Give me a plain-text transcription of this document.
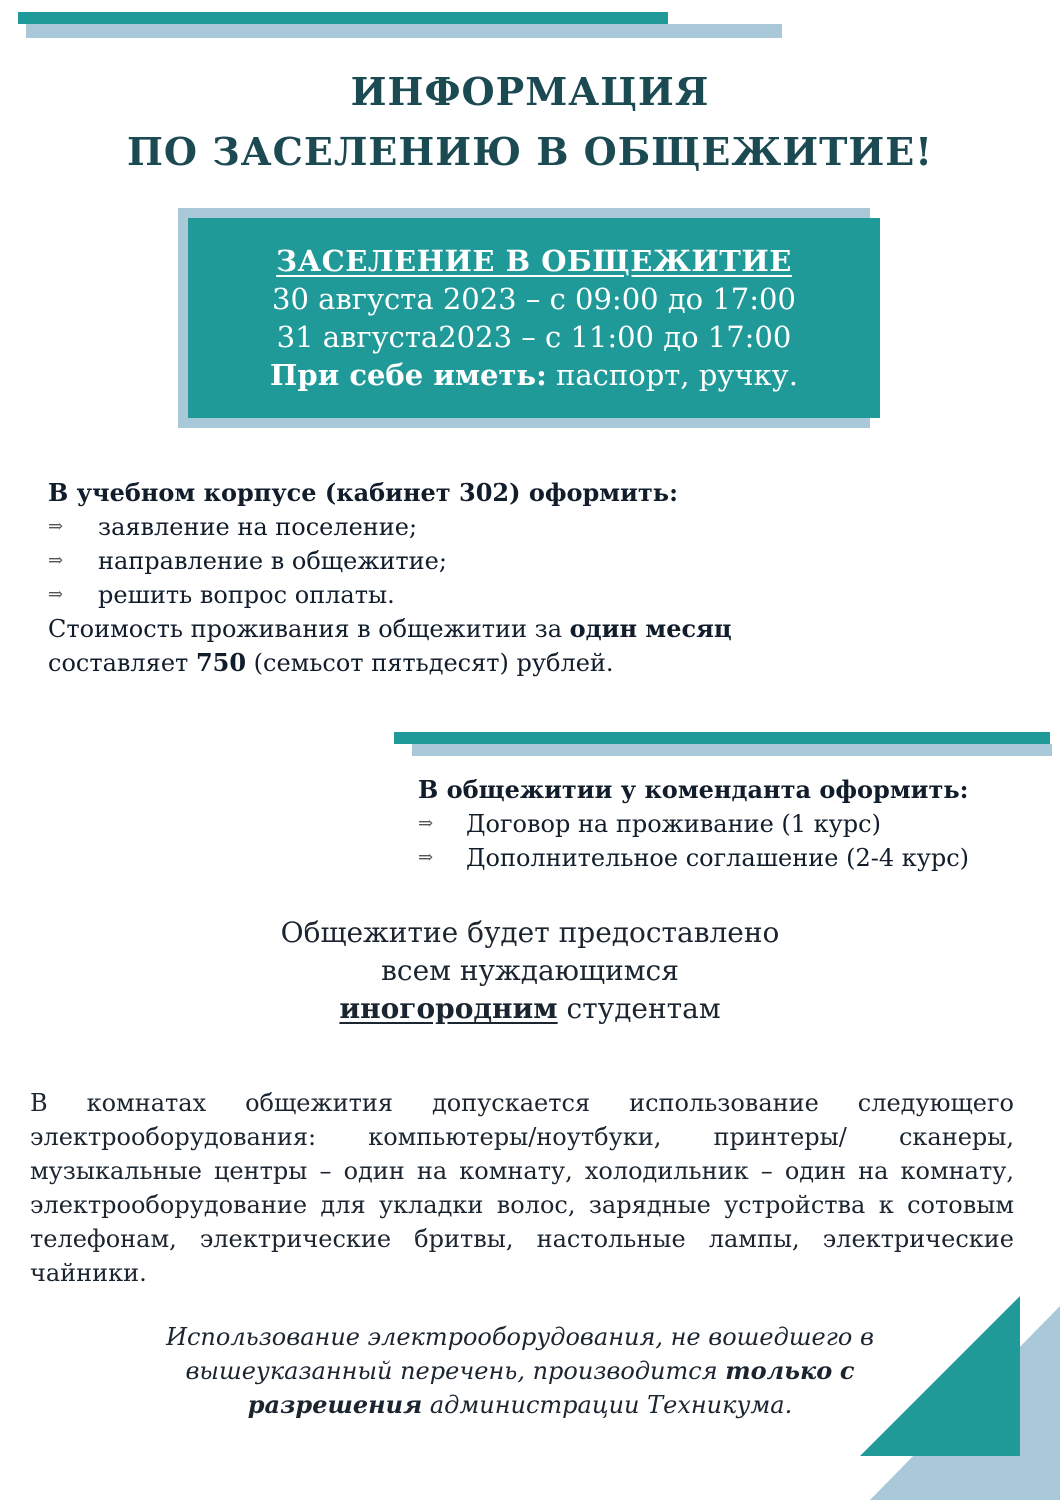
ИНФОРМАЦИЯ
ПО ЗАСЕЛЕНИЮ В ОБЩЕЖИТИЕ!
ЗАСЕЛЕНИЕ В ОБЩЕЖИТИЕ
30 августа 2023 – с 09:00 до 17:00
31 августа2023 – с 11:00 до 17:00
При себе иметь: паспорт, ручку.
В учебном корпусе (кабинет 302) оформить:
⇒	заявление на поселение;
⇒	направление в общежитие;
⇒	решить вопрос оплаты.
Стоимость проживания в общежитии за один месяц
составляет 750 (семьсот пятьдесят) рублей.
В общежитии у коменданта оформить:
⇒	Договор на проживание (1 курс)
⇒	Дополнительное соглашение (2-4 курс)
Общежитие будет предоставлено
всем нуждающимся
иногородним студентам
В комнатах общежития допускается использование следующего электрооборудования: компьютеры/ноутбуки, принтеры/ сканеры, музыкальные центры – один на комнату, холодильник – один на комнату, электрооборудование для укладки волос, зарядные устройства к сотовым телефонам, электрические бритвы, настольные лампы, электрические чайники.
Использование электрооборудования, не вошедшего в вышеуказанный перечень, производится только с разрешения администрации Техникума.
